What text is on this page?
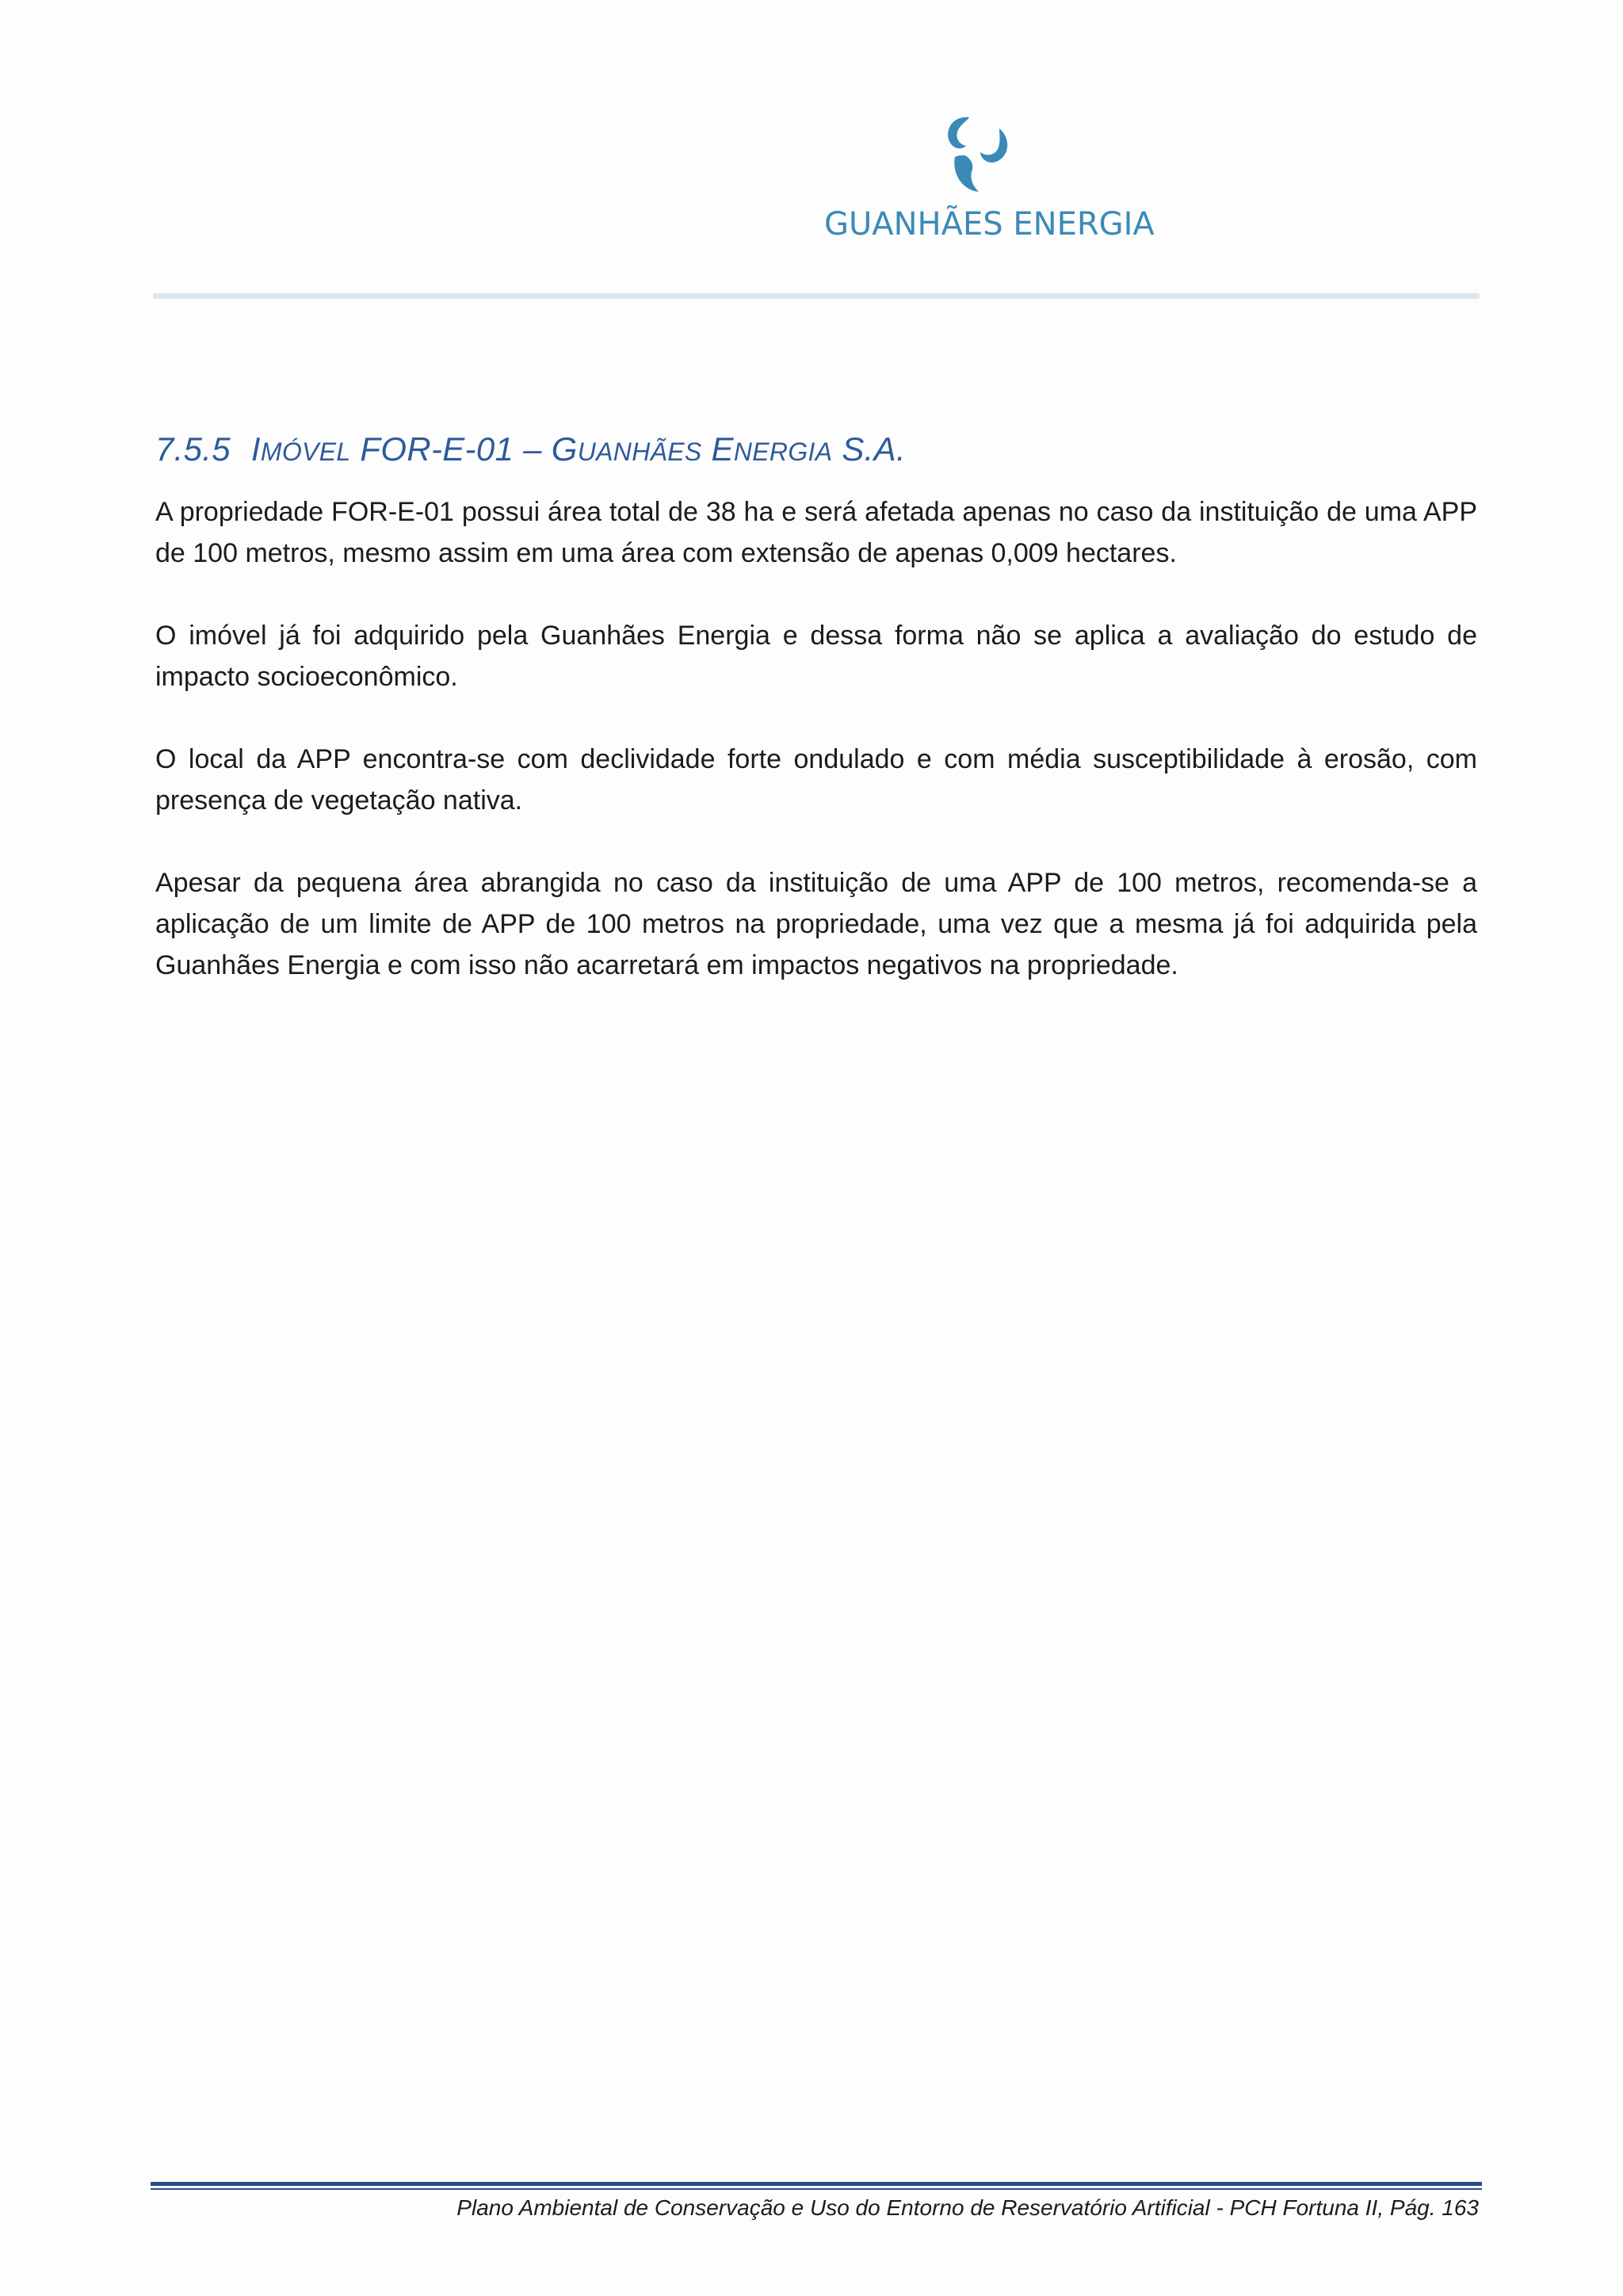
GUANHÃES ENERGIA
7.5.5 IMÓVEL FOR-E-01 – GUANHÃES ENERGIA S.A.

A propriedade FOR-E-01 possui área total de 38 ha e será afetada apenas no caso da instituição de uma APP de 100 metros, mesmo assim em uma área com extensão de apenas 0,009 hectares.

O imóvel já foi adquirido pela Guanhães Energia e dessa forma não se aplica a avaliação do estudo de impacto socioeconômico.

O local da APP encontra-se com declividade forte ondulado e com média susceptibilidade à erosão, com presença de vegetação nativa.

Apesar da pequena área abrangida no caso da instituição de uma APP de 100 metros, recomenda-se a aplicação de um limite de APP de 100 metros na propriedade, uma vez que a mesma já foi adquirida pela Guanhães Energia e com isso não acarretará em impactos negativos na propriedade.

Plano Ambiental de Conservação e Uso do Entorno de Reservatório Artificial - PCH Fortuna II, Pág. 163
